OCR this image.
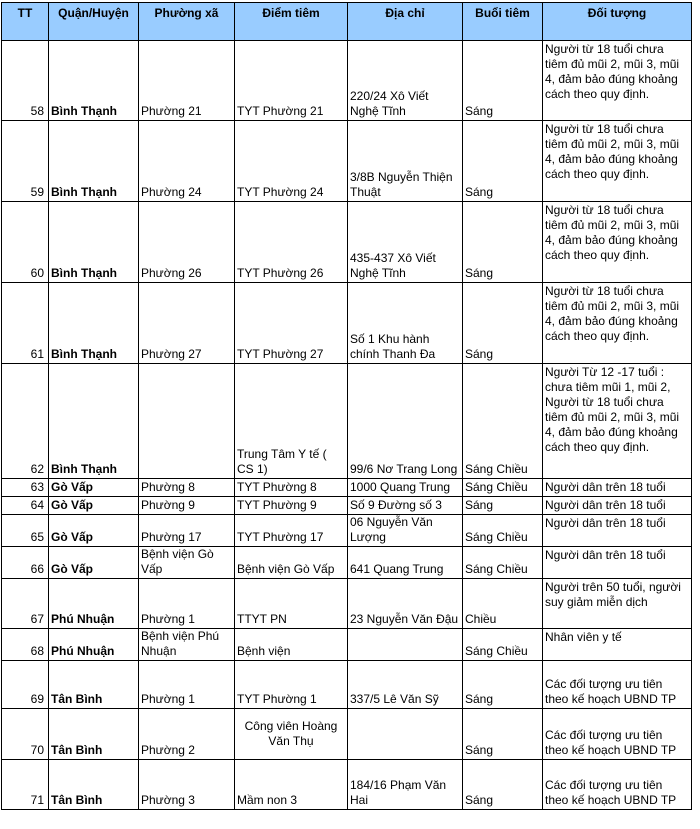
TT	Quận/Huyện	Phường xã	Điểm tiêm	Địa chỉ	Buổi tiêm	Đối tượng
58	Bình Thạnh	Phường 21	TYT Phường 21	220/24 Xô Viết Nghệ Tĩnh	Sáng	Người từ 18 tuổi chưa tiêm đủ mũi 2, mũi 3, mũi 4, đảm bảo đúng khoảng cách theo quy định.
59	Bình Thạnh	Phường 24	TYT Phường 24	3/8B Nguyễn Thiện Thuật	Sáng	Người từ 18 tuổi chưa tiêm đủ mũi 2, mũi 3, mũi 4, đảm bảo đúng khoảng cách theo quy định.
60	Bình Thạnh	Phường 26	TYT Phường 26	435-437 Xô Viết Nghệ Tĩnh	Sáng	Người từ 18 tuổi chưa tiêm đủ mũi 2, mũi 3, mũi 4, đảm bảo đúng khoảng cách theo quy định.
61	Bình Thạnh	Phường 27	TYT Phường 27	Số 1 Khu hành chính Thanh Đa	Sáng	Người từ 18 tuổi chưa tiêm đủ mũi 2, mũi 3, mũi 4, đảm bảo đúng khoảng cách theo quy định.
62	Bình Thạnh		Trung Tâm Y tế ( CS 1)	99/6 Nơ Trang Long	Sáng Chiều	Người Từ 12 -17 tuổi : chưa tiêm mũi 1, mũi 2, Người từ 18 tuổi chưa tiêm đủ mũi 2, mũi 3, mũi 4, đảm bảo đúng khoảng cách theo quy định.
63	Gò Vấp	Phường 8	TYT Phường 8	1000 Quang Trung	Sáng Chiều	Người dân trên 18 tuổi
64	Gò Vấp	Phường 9	TYT Phường 9	Số 9 Đường số 3	Sáng	Người dân trên 18 tuổi
65	Gò Vấp	Phường 17	TYT Phường 17	06 Nguyễn Văn Lượng	Sáng Chiều	Người dân trên 18 tuổi
66	Gò Vấp	Bệnh viện Gò Vấp	Bệnh viện Gò Vấp	641 Quang Trung	Sáng Chiều	Người dân trên 18 tuổi
67	Phú Nhuận	Phường 1	TTYT PN	23 Nguyễn Văn Đậu	Chiều	Người trên 50 tuổi, người suy giảm miễn dịch
68	Phú Nhuận	Bệnh viện Phú Nhuận	Bệnh viện		Sáng Chiều	Nhân viên y tế
69	Tân Bình	Phường 1	TYT Phường 1	337/5 Lê Văn Sỹ	Sáng	Các đối tượng ưu tiên theo kế hoạch UBND TP
70	Tân Bình	Phường 2	Công viên Hoàng Văn Thụ		Sáng	Các đối tượng ưu tiên theo kế hoạch UBND TP
71	Tân Bình	Phường 3	Mầm non 3	184/16 Phạm Văn Hai	Sáng	Các đối tượng ưu tiên theo kế hoạch UBND TP
